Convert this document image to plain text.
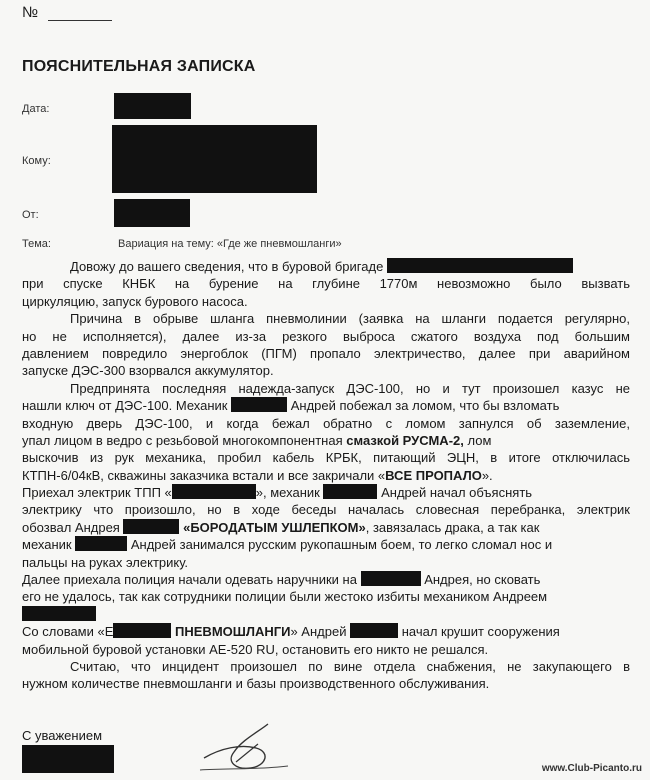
№
ПОЯСНИТЕЛЬНАЯ ЗАПИСКА
Дата:
Кому:
От:
Тема:	Вариация на тему: «Где же пневмошланги»
Довожу до вашего сведения, что в буровой бригаде
при спуске КНБК на бурение на глубине 1770м невозможно было вызвать
циркуляцию, запуск бурового насоса.
Причина в обрыве шланга пневмолинии (заявка на шланги подается регулярно,
но не исполняется), далее из-за резкого выброса сжатого воздуха под большим
давлением повредило энергоблок (ПГМ) пропало электричество, далее при аварийном
запуске ДЭС-300 взорвался аккумулятор.
Предпринята последняя надежда-запуск ДЭС-100, но и тут произошел казус не
нашли ключ от ДЭС-100. Механик	Андрей побежал за ломом, что бы взломать
входную дверь ДЭС-100, и когда бежал обратно с ломом запнулся об заземление,
упал лицом в ведро с резьбовой многокомпонентная смазкой РУСМА-2, лом
выскочив из рук механика, пробил кабель КРБК, питающий ЭЦН, в итоге отключилась
КТПН-6/04кВ, скважины заказчика встали и все закричали «ВСЕ ПРОПАЛО».
Приехал электрик ТПП «	», механик	Андрей начал объяснять
электрику что произошло, но в ходе беседы началась словесная перебранка, электрик
обозвал Андрея	«БОРОДАТЫМ УШЛЕПКОМ», завязалась драка, а так как
механик	Андрей занимался русским рукопашным боем, то легко сломал нос и
пальцы на руках электрику.
Далее приехала полиция начали одевать наручники на	Андрея, но сковать
его не удалось, так как сотрудники полиции были жестоко избиты механиком Андреем
Со словами «Е	ПНЕВМОШЛАНГИ» Андрей	начал крушит сооружения
мобильной буровой установки АЕ-520 RU, остановить его никто не решался.
Считаю, что инцидент произошел по вине отдела снабжения, не закупающего в
нужном количестве пневмошланги и базы производственного обслуживания.
С уважением
www.Club-Picanto.ru
